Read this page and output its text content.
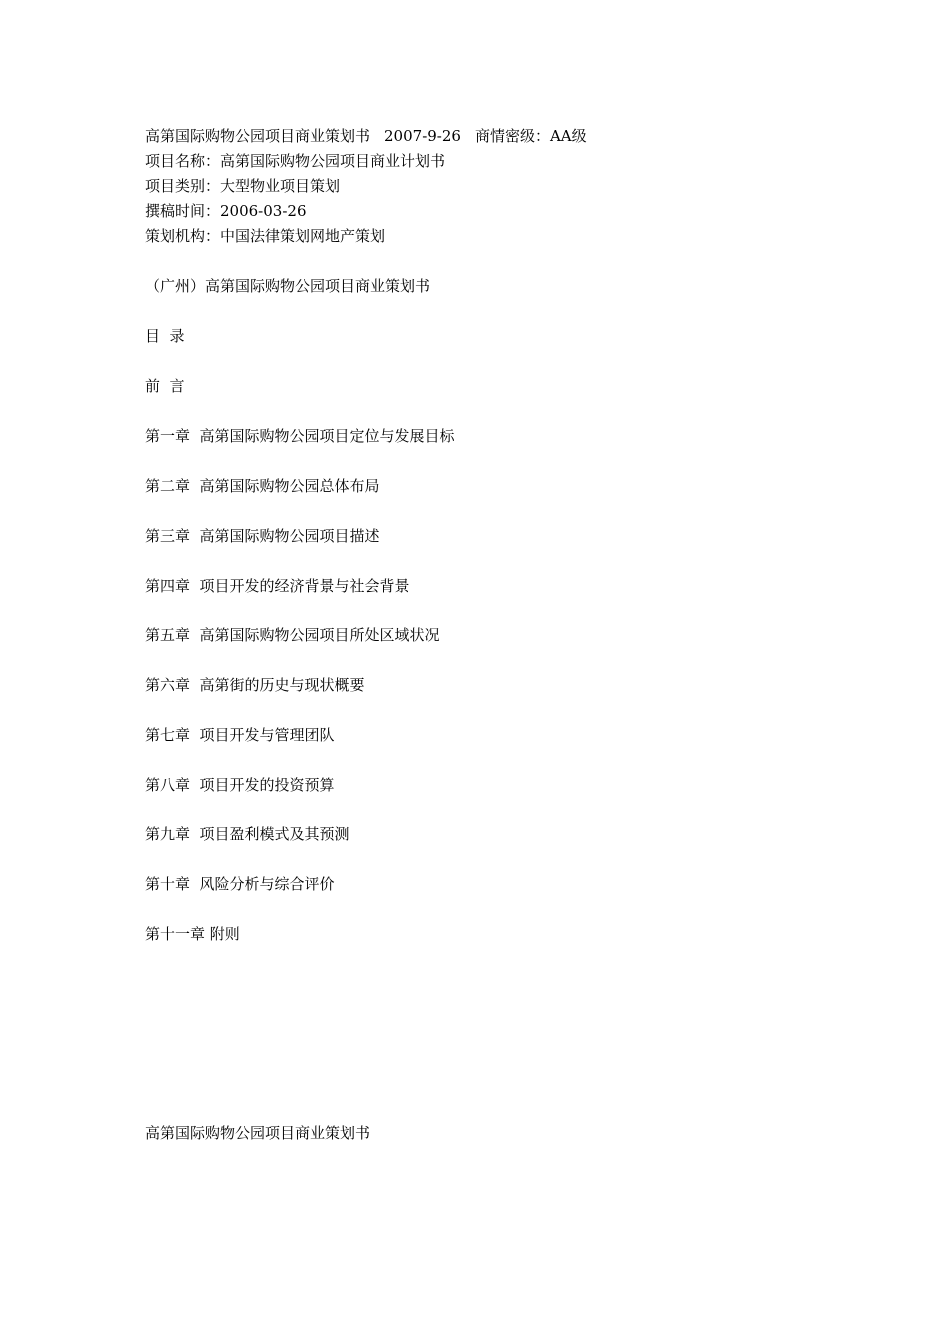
高第国际购物公园项目商业策划书 2007-9-26 商情密级：AA级
项目名称：高第国际购物公园项目商业计划书
项目类别：大型物业项目策划
撰稿时间：2006-03-26
策划机构：中国法律策划网地产策划
（广州）高第国际购物公园项目商业策划书
目  录
前  言
第一章  高第国际购物公园项目定位与发展目标
第二章  高第国际购物公园总体布局
第三章  高第国际购物公园项目描述
第四章  项目开发的经济背景与社会背景
第五章  高第国际购物公园项目所处区域状况
第六章  高第街的历史与现状概要
第七章  项目开发与管理团队
第八章  项目开发的投资预算
第九章  项目盈利模式及其预测
第十章  风险分析与综合评价
第十一章 附则
高第国际购物公园项目商业策划书
